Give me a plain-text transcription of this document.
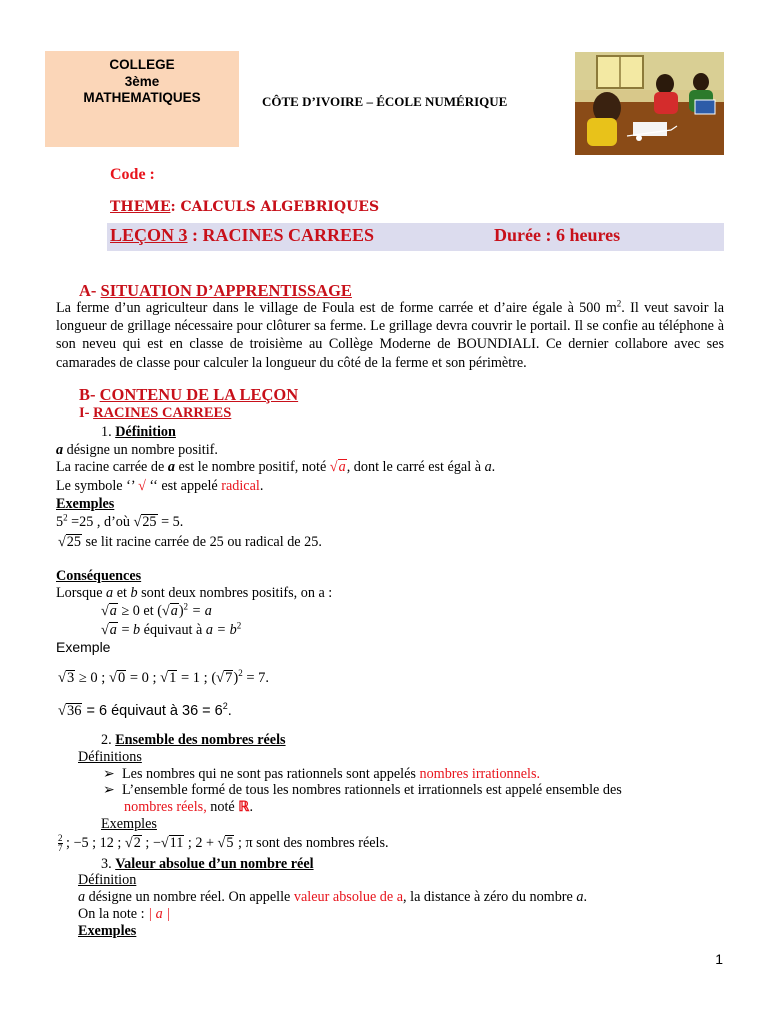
COLLEGE
3ème
MATHEMATIQUES	CÔTE D’IVOIRE – ÉCOLE NUMÉRIQUE
Code :
THEME: CALCULS ALGEBRIQUES
LEÇON 3 : RACINES CARREES	Durée : 6 heures
A- SITUATION D’APPRENTISSAGE
La ferme d’un agriculteur dans le village de Foula est de forme carrée et d’aire égale à 500 $m^2$. Il veut savoir la longueur de grillage nécessaire pour clôturer sa ferme. Le grillage devra couvrir le portail. Il se confie au téléphone à son neveu qui est en classe de troisième au Collège Moderne de BOUNDIALI. Ce dernier collabore avec ses camarades de classe pour calculer la longueur du côté de la ferme et son périmètre.
B- CONTENU DE LA LEÇON
I- RACINES CARREES
1. Définition
a désigne un nombre positif.
La racine carrée de a est le nombre positif, noté √a, dont le carré est égal à a.
Le symbole ‘’ √ ‘‘ est appelé radical.
Exemples
$5^2 =25$ , d’où √25 = 5.
√25 se lit racine carrée de 25 ou radical de 25.
Conséquences
Lorsque a et b sont deux nombres positifs, on a :
√a ≥ 0 et $(√a)^2 = a$
√a = b équivaut à $a = b^2$
Exemple
√3 ≥ 0 ; √0 = 0 ; √1 = 1 ; $(√7)^2 = 7$.
√36 = 6 équivaut à $36 = 6^2$.
2. Ensemble des nombres réels
Définitions
➢ Les nombres qui ne sont pas rationnels sont appelés nombres irrationnels.
➢ L’ensemble formé de tous les nombres rationnels et irrationnels est appelé ensemble des
nombres réels, noté ℝ.
Exemples
$\frac{2}{7}$ ; −5 ; 12 ; √2 ; −√11 ; 2 + √5 ; π sont des nombres réels.
3. Valeur absolue d’un nombre réel
Définition
a désigne un nombre réel. On appelle valeur absolue de a, la distance à zéro du nombre a.
On la note : | a |
Exemples
1
